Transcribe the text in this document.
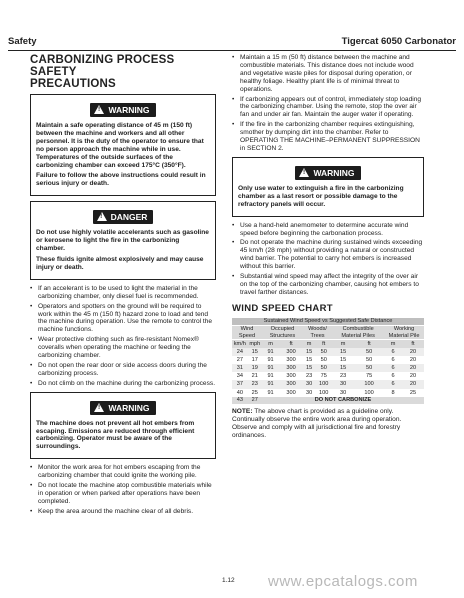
Safety	Tigercat 6050 Carbonator
CARBONIZING PROCESS SAFETY
PRECAUTIONS
!WARNING

Maintain a safe operating distance of 45 m (150 ft) between the machine and workers and all other personnel. It is the duty of the operator to ensure that no person approach the machine while in use. Temperatures of the outside surfaces of the carbonizing chamber can exceed 175°C (350°F).

Failure to follow the above instructions could result in serious injury or death.

!DANGER

Do not use highly volatile accelerants such as gasoline or kerosene to light the fire in the carbonizing chamber.

These fluids ignite almost explosively and may cause injury or death.

• If an accelerant is to be used to light the material in the carbonizing chamber, only diesel fuel is recommended.
• Operators and spotters on the ground will be required to work within the 45 m (150 ft) hazard zone to load and tend the machine during operation. Use the remote to control the machine functions.
• Wear protective clothing such as fire-resistant Nomex® coveralls when operating the machine or feeding the carbonizing chamber.
• Do not open the rear door or side access doors during the carbonizing process.
• Do not climb on the machine during the carbonizing process.
!WARNING

The machine does not prevent all hot embers from escaping. Emissions are reduced through efficient carbonizing. Operator must be aware of the surroundings.

• Monitor the work area for hot embers escaping from the carbonizing chamber that could ignite the working pile.
• Do not locate the machine atop combustible materials while in operation or when parked after operations have been completed.
• Keep the area around the machine clear of all debris.
• Maintain a 15 m (50 ft) distance between the machine and combustible materials. This distance does not include wood and vegetative waste piles for disposal during operation, or healthy foliage. Healthy plant life is of minimal threat to operations.
• If carbonizing appears out of control, immediately stop loading the carbonizing chamber. Using the remote, stop the over air fan and under air fan. Maintain the auger water if operating.
• If the fire in the carbonizing chamber requires extinguishing, smother by dumping dirt into the chamber. Refer to OPERATING THE MACHINE–PERMANENT SUPPRESSION in SECTION 2.
!WARNING

Only use water to extinguish a fire in the carbonizing chamber as a last resort or possible damage to the refractory panels will occur.

• Use a hand-held anemometer to determine accurate wind speed before beginning the carbonation process.
• Do not operate the machine during sustained winds exceeding 45 km/h (28 mph) without providing a natural or constructed wind barrier. The potential to carry hot embers is increased without this barrier.
• Substantial wind speed may affect the integrity of the over air on the top of the carbonizing chamber, causing hot embers to travel farther distances.
WIND SPEED CHART
Sustained Wind Speed vs Suggested Safe Distance									
Wind Speed		Occupied Structures		Woods/ Trees		Combustible Material Piles		Working Material Pile	
km/h	mph	m	ft	m	ft	m	ft	m	ft
24	15	91	300	15	50	15	50	6	20
27	17	91	300	15	50	15	50	6	20
31	19	91	300	15	50	15	50	6	20
34	21	91	300	23	75	23	75	6	20
37	23	91	300	30	100	30	100	6	20
40	25	91	300	30	100	30	100	8	25
43	27	DO NOT CARBONIZE							
NOTE: The above chart is provided as a guideline only. Continually observe the entire work area during operation. Observe and comply with all jurisdictional fire and forestry ordinances.
1.12 www.epcatalogs.com
